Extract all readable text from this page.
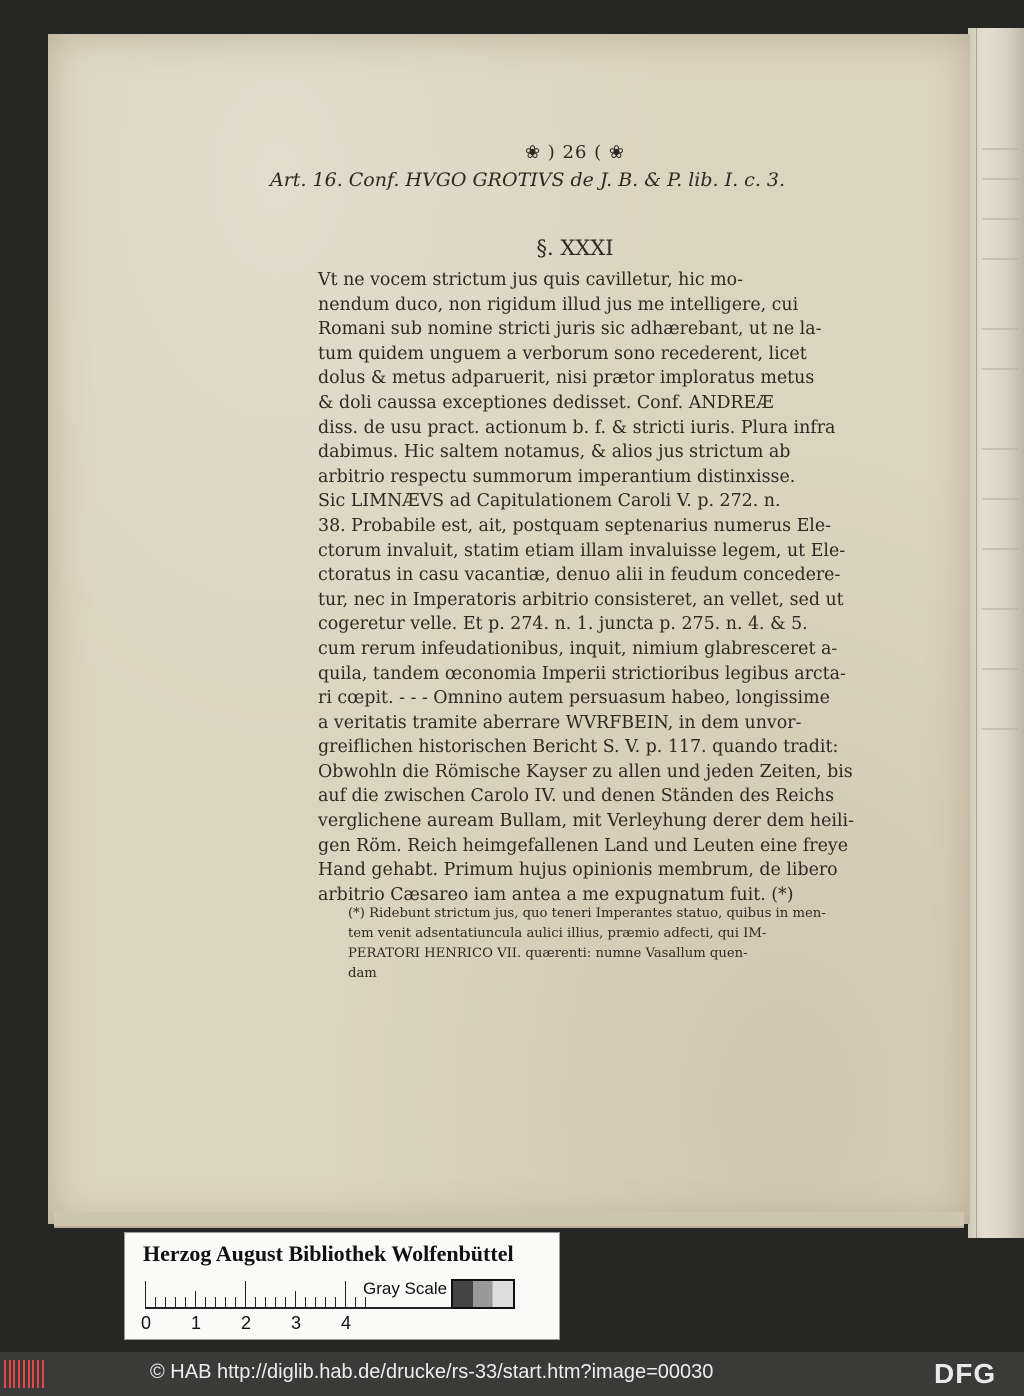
❀ ) 26 ( ❀
Art. 16. Conf. HVGO GROTIVS de J. B. & P. lib. I. c. 3.
§. XXXI
Vt ne vocem strictum jus quis cavilletur, hic mo-
nendum duco, non rigidum illud jus me intelligere, cui
Romani sub nomine stricti juris sic adhærebant, ut ne la-
tum quidem unguem a verborum sono recederent, licet
dolus & metus adparuerit, nisi prætor imploratus metus
& doli caussa exceptiones dedisset. Conf. ANDREÆ
diss. de usu pract. actionum b. f. & stricti iuris. Plura infra
dabimus. Hic saltem notamus, & alios jus strictum ab
arbitrio respectu summorum imperantium distinxisse.
Sic LIMNÆVS ad Capitulationem Caroli V. p. 272. n.
38. Probabile est, ait, postquam septenarius numerus Ele-
ctorum invaluit, statim etiam illam invaluisse legem, ut Ele-
ctoratus in casu vacantiæ, denuo alii in feudum concedere-
tur, nec in Imperatoris arbitrio consisteret, an vellet, sed ut
cogeretur velle. Et p. 274. n. 1. juncta p. 275. n. 4. & 5.
cum rerum infeudationibus, inquit, nimium glabresceret a-
quila, tandem œconomia Imperii strictioribus legibus arcta-
ri cœpit. - - - Omnino autem persuasum habeo, longissime
a veritatis tramite aberrare WVRFBEIN, in dem unvor-
greiflichen historischen Bericht S. V. p. 117. quando tradit:
Obwohln die Römische Kayser zu allen und jeden Zeiten, bis
auf die zwischen Carolo IV. und denen Ständen des Reichs
verglichene auream Bullam, mit Verleyhung derer dem heili-
gen Röm. Reich heimgefallenen Land und Leuten eine freye
Hand gehabt. Primum hujus opinionis membrum, de libero
arbitrio Cæsareo iam antea a me expugnatum fuit. (*)
(*) Ridebunt strictum jus, quo teneri Imperantes statuo, quibus in men-
tem venit adsentatiuncula aulici illius, præmio adfecti, qui IM-
PERATORI HENRICO VII. quærenti: numne Vasallum quen-
dam
Herzog August Bibliothek Wolfenbüttel
Gray Scale
0 1 2 3 4
© HAB http://diglib.hab.de/drucke/rs-33/start.htm?image=00030	DFG
